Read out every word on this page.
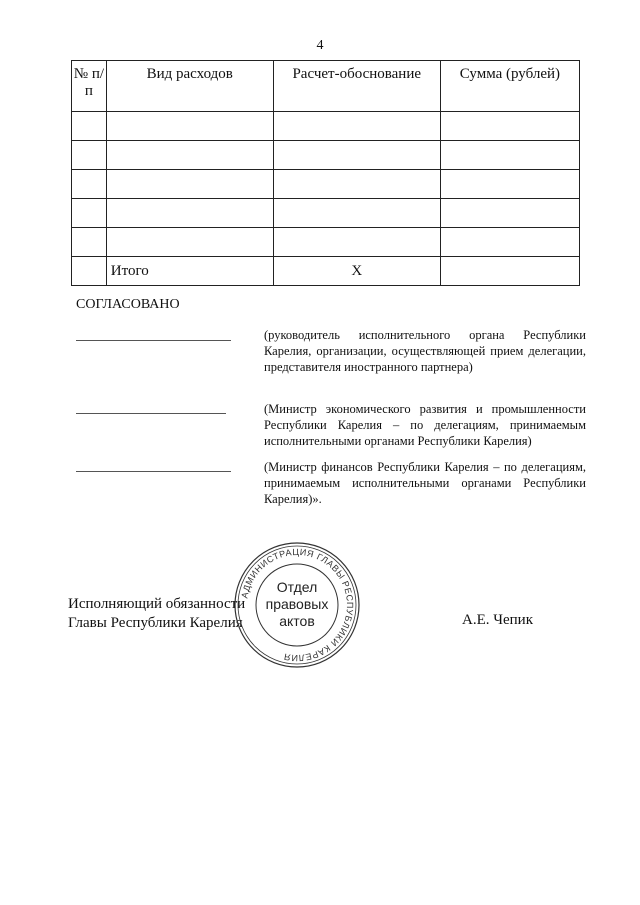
4
№ п/п	Вид расходов	Расчет-обоснование	Сумма (рублей)

	Итого	Х	
СОГЛАСОВАНО
(руководитель исполнительного органа Республики Карелия, организации, осуществляющей прием делегации, представителя иностранного партнера)
(Министр экономического развития и промышленности Республики Карелия – по делегациям, принимаемым исполнительными органами Республики Карелия)
(Министр финансов Республики Карелия – по делегациям, принимаемым исполнительными органами Республики Карелия)».
Исполняющий обязанности
Главы Республики Карелия
АДМИНИСТРАЦИЯ ГЛАВЫ РЕСПУБЛИКИ КАРЕЛИЯ
Отдел
правовых
актов	А.Е. Чепик
